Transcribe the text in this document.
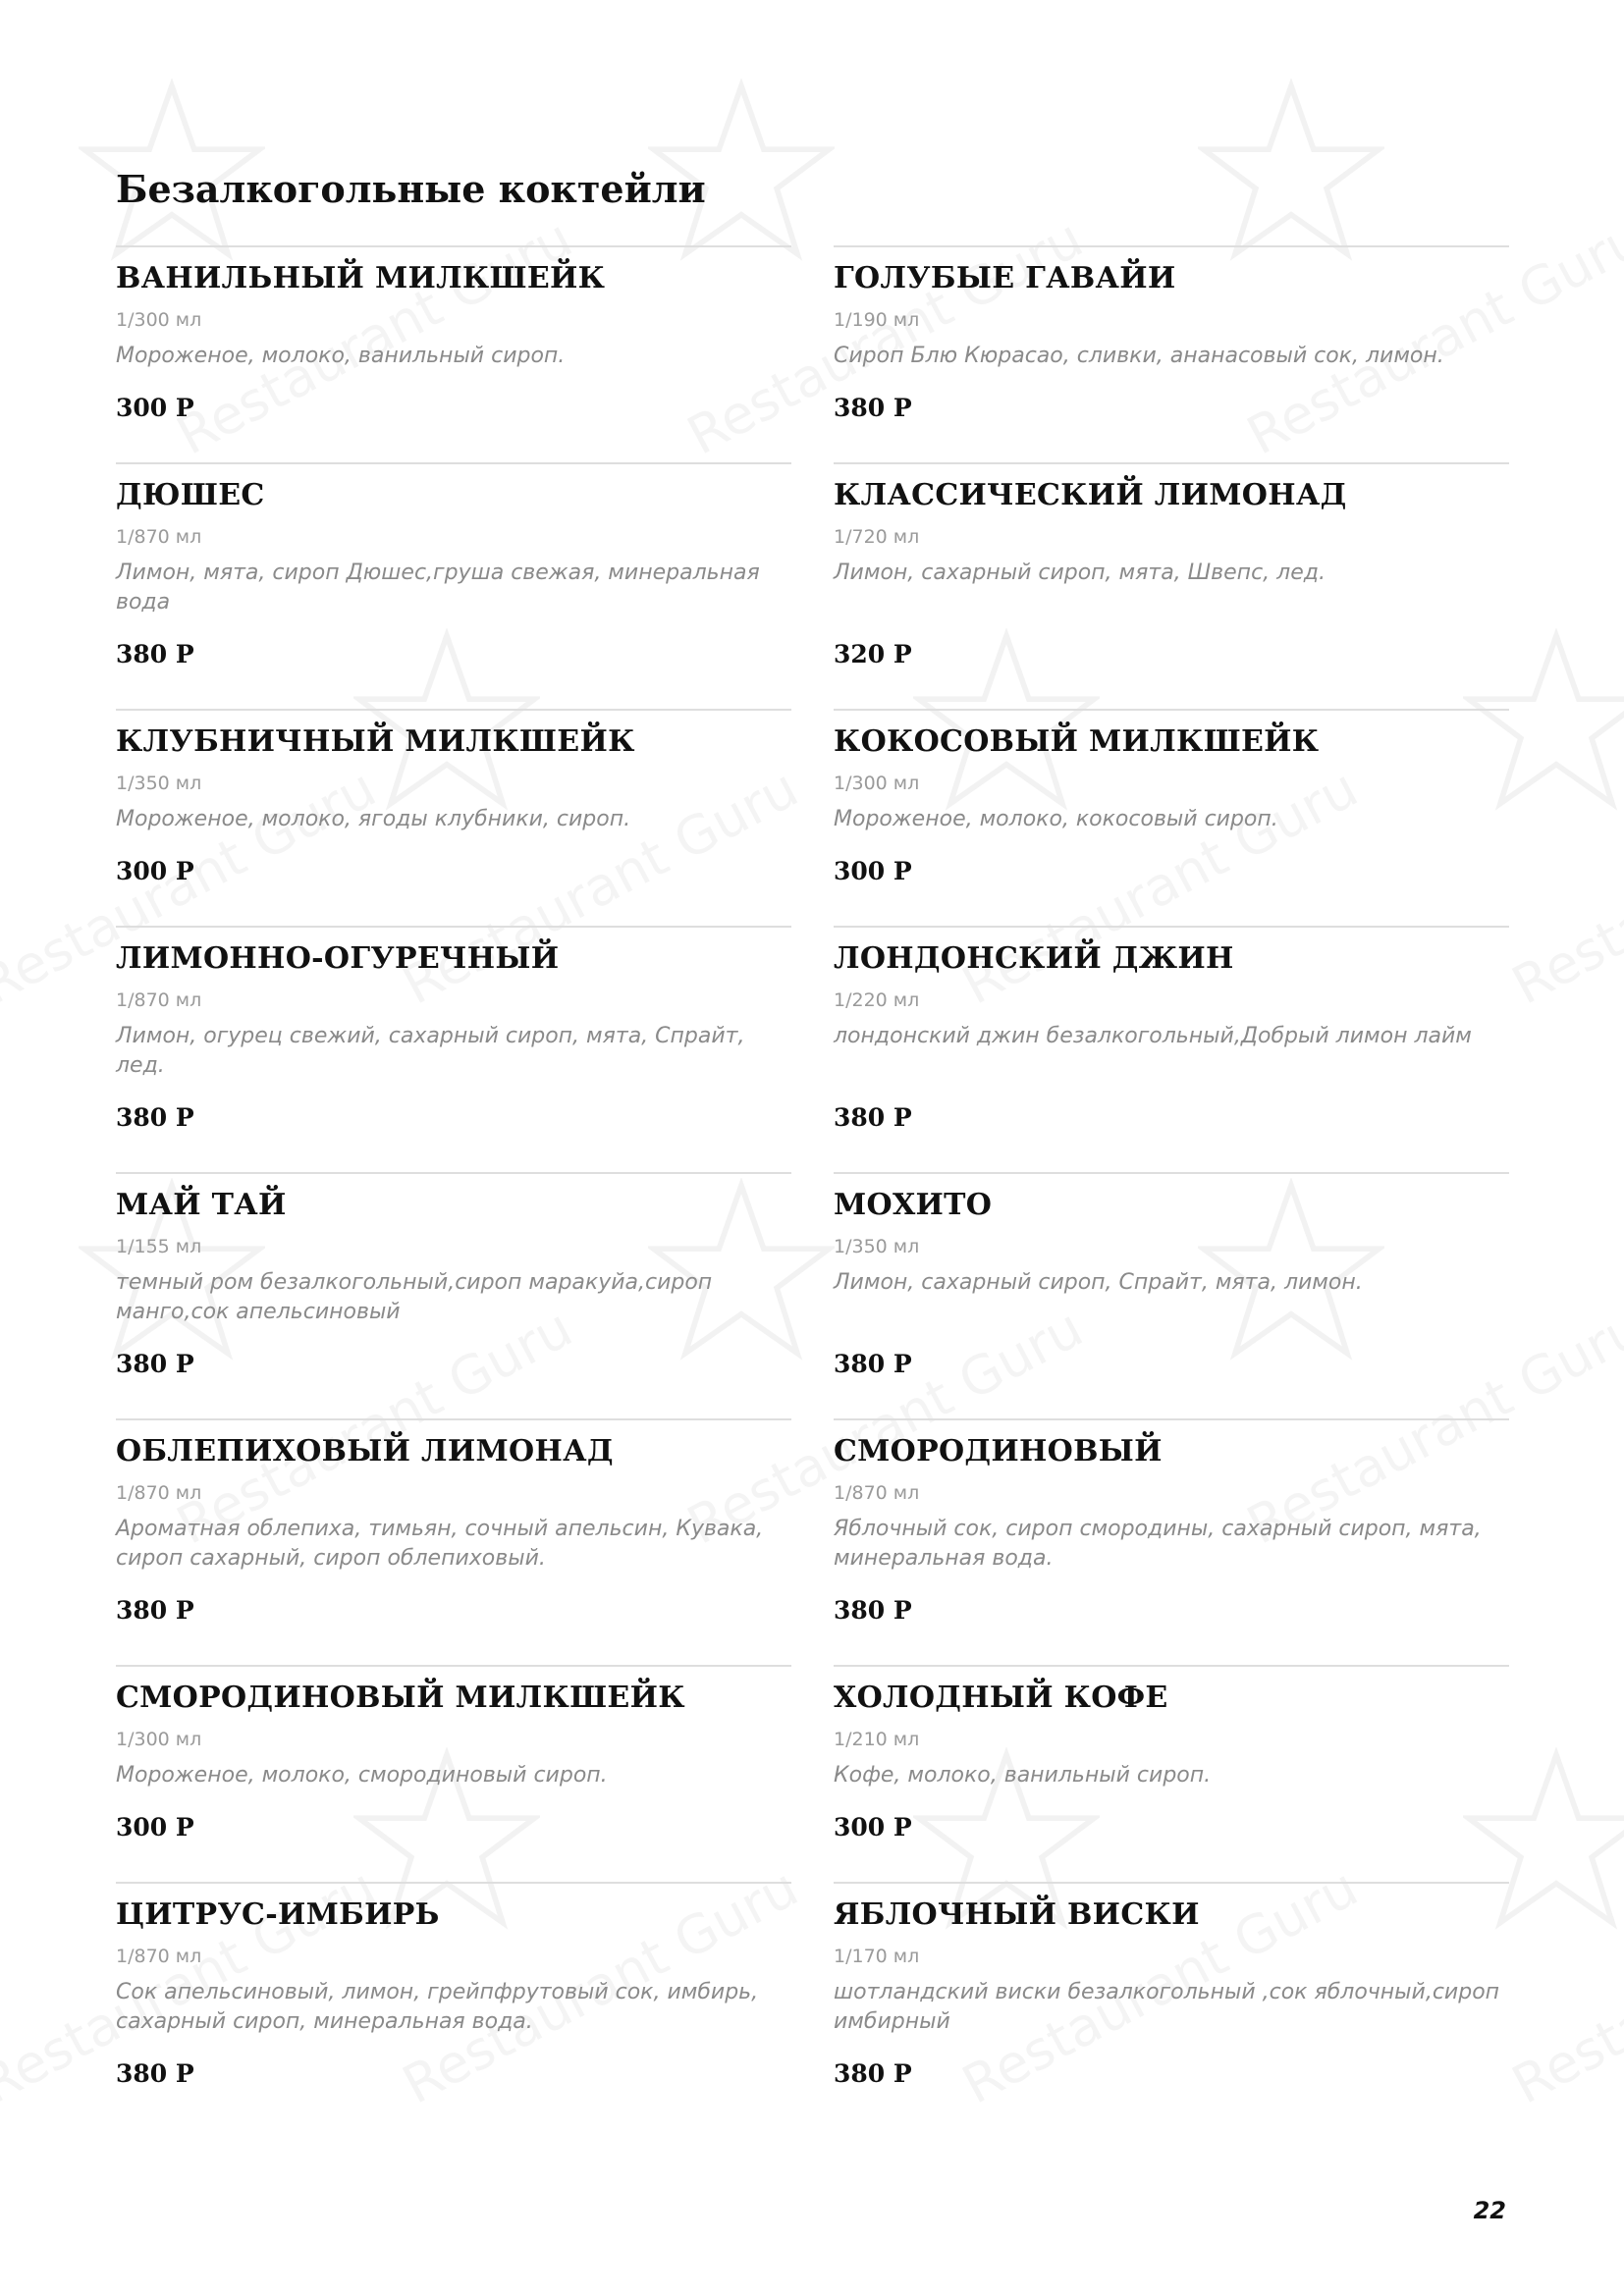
Безалкогольные коктейли
ВАНИЛЬНЫЙ МИЛКШЕЙК
1/300 мл
Мороженое, молоко, ванильный сироп.
300 Р
ДЮШЕС
1/870 мл
Лимон, мята, сироп Дюшес,груша свежая, минеральная вода
380 Р
КЛУБНИЧНЫЙ МИЛКШЕЙК
1/350 мл
Мороженое, молоко, ягоды клубники, сироп.
300 Р
ЛИМОННО-ОГУРЕЧНЫЙ
1/870 мл
Лимон, огурец свежий, сахарный сироп, мята, Спрайт, лед.
380 Р
МАЙ ТАЙ
1/155 мл
темный ром безалкогольный,сироп маракуйа,сироп манго,сок апельсиновый
380 Р
ОБЛЕПИХОВЫЙ ЛИМОНАД
1/870 мл
Ароматная облепиха, тимьян, сочный апельсин, Кувака, сироп сахарный, сироп облепиховый.
380 Р
СМОРОДИНОВЫЙ МИЛКШЕЙК
1/300 мл
Мороженое, молоко, смородиновый сироп.
300 Р
ЦИТРУС-ИМБИРЬ
1/870 мл
Сок апельсиновый, лимон, грейпфрутовый сок, имбирь, сахарный сироп, минеральная вода.
380 Р
ГОЛУБЫЕ ГАВАЙИ
1/190 мл
Сироп Блю Кюрасао, сливки, ананасовый сок, лимон.
380 Р
КЛАССИЧЕСКИЙ ЛИМОНАД
1/720 мл
Лимон, сахарный сироп, мята, Швепс, лед.
320 Р
КОКОСОВЫЙ МИЛКШЕЙК
1/300 мл
Мороженое, молоко, кокосовый сироп.
300 Р
ЛОНДОНСКИЙ ДЖИН
1/220 мл
лондонский джин безалкогольный,Добрый лимон лайм
380 Р
МОХИТО
1/350 мл
Лимон, сахарный сироп, Спрайт, мята, лимон.
380 Р
СМОРОДИНОВЫЙ
1/870 мл
Яблочный сок, сироп смородины, сахарный сироп, мята, минеральная вода.
380 Р
ХОЛОДНЫЙ КОФЕ
1/210 мл
Кофе, молоко, ванильный сироп.
300 Р
ЯБЛОЧНЫЙ ВИСКИ
1/170 мл
шотландский виски безалкогольный ,сок яблочный,сироп имбирный
380 Р
22
